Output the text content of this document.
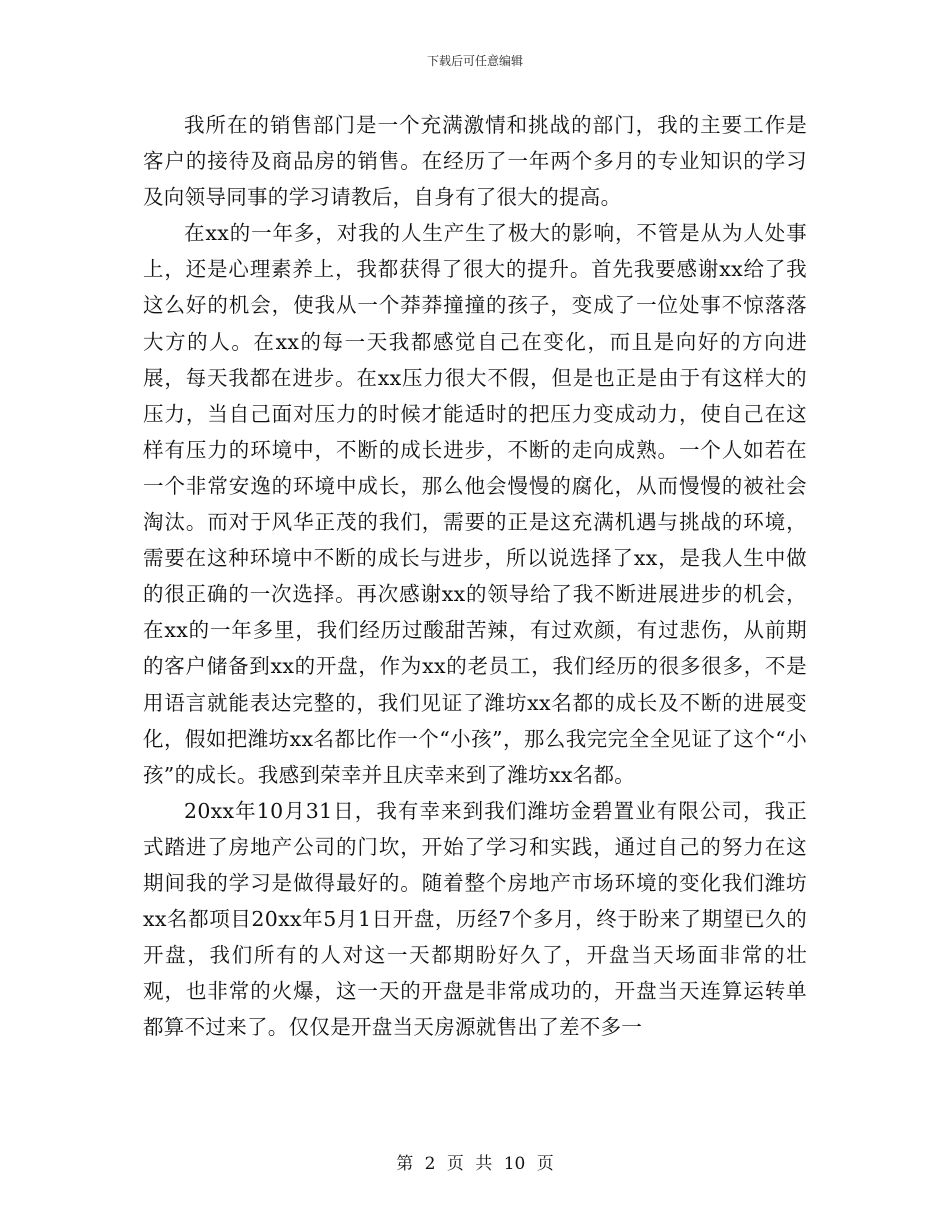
下载后可任意编辑

我所在的销售部门是一个充满激情和挑战的部门，我的主要工作是客户的接待及商品房的销售。在经历了一年两个多月的专业知识的学习及向领导同事的学习请教后，自身有了很大的提高。

在xx的一年多，对我的人生产生了极大的影响，不管是从为人处事上，还是心理素养上，我都获得了很大的提升。首先我要感谢xx给了我这么好的机会，使我从一个莽莽撞撞的孩子，变成了一位处事不惊落落大方的人。在xx的每一天我都感觉自己在变化，而且是向好的方向进展，每天我都在进步。在xx压力很大不假，但是也正是由于有这样大的压力，当自己面对压力的时候才能适时的把压力变成动力，使自己在这样有压力的环境中，不断的成长进步，不断的走向成熟。一个人如若在一个非常安逸的环境中成长，那么他会慢慢的腐化，从而慢慢的被社会淘汰。而对于风华正茂的我们，需要的正是这充满机遇与挑战的环境，需要在这种环境中不断的成长与进步，所以说选择了xx，是我人生中做的很正确的一次选择。再次感谢xx的领导给了我不断进展进步的机会，在xx的一年多里，我们经历过酸甜苦辣，有过欢颜，有过悲伤，从前期的客户储备到xx的开盘，作为xx的老员工，我们经历的很多很多，不是用语言就能表达完整的，我们见证了潍坊xx名都的成长及不断的进展变化，假如把潍坊xx名都比作一个“小孩”，那么我完完全全见证了这个“小孩”的成长。我感到荣幸并且庆幸来到了潍坊xx名都。

20xx年10月31日，我有幸来到我们潍坊金碧置业有限公司，我正式踏进了房地产公司的门坎，开始了学习和实践，通过自己的努力在这期间我的学习是做得最好的。随着整个房地产市场环境的变化我们潍坊xx名都项目20xx年5月1日开盘，历经7个多月，终于盼来了期望已久的开盘，我们所有的人对这一天都期盼好久了，开盘当天场面非常的壮观，也非常的火爆，这一天的开盘是非常成功的，开盘当天连算运转单都算不过来了。仅仅是开盘当天房源就售出了差不多一

第 2 页 共 10 页
